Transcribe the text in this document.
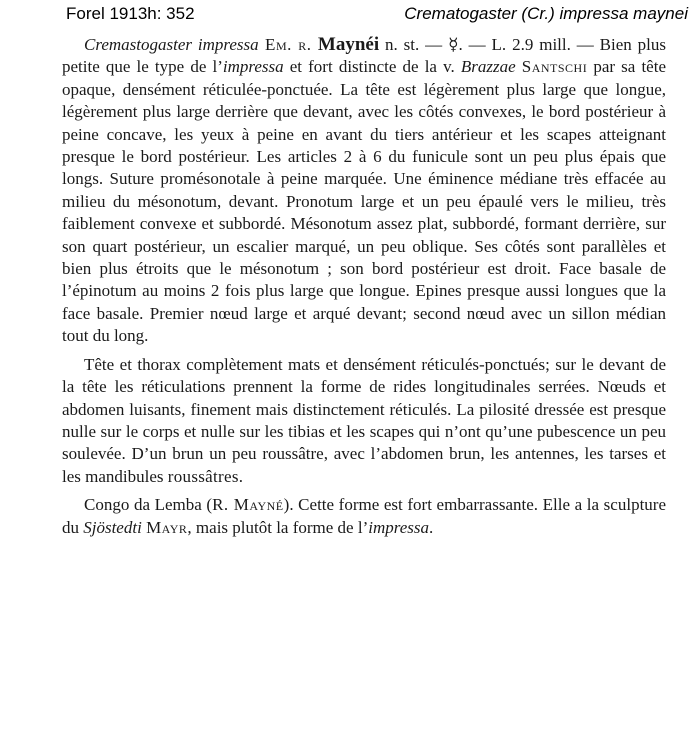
Forel 1913h: 352	Crematogaster (Cr.) impressa maynei

Cremastogaster impressa Em. r. Maynéi n. st. — ☿. — L. 2.9 mill. — Bien plus petite que le type de l’impressa et fort distincte de la v. Brazzae Santschi par sa tête opaque, densément réticulée-ponctuée. La tête est légèrement plus large que longue, légèrement plus large derrière que devant, avec les côtés convexes, le bord postérieur à peine concave, les yeux à peine en avant du tiers antérieur et les scapes atteignant presque le bord postérieur. Les articles 2 à 6 du funicule sont un peu plus épais que longs. Suture promésonotale à peine marquée. Une éminence médiane très effacée au milieu du mésonotum, devant. Pronotum large et un peu épaulé vers le milieu, très faiblement convexe et subbordé. Mésonotum assez plat, subbordé, formant derrière, sur son quart postérieur, un escalier marqué, un peu oblique. Ses côtés sont parallèles et bien plus étroits que le mésonotum ; son bord postérieur est droit. Face basale de l’épinotum au moins 2 fois plus large que longue. Epines presque aussi longues que la face basale. Premier nœud large et arqué devant; second nœud avec un sillon médian tout du long.

Tête et thorax complètement mats et densément réticulés-ponctués; sur le devant de la tête les réticulations prennent la forme de rides longitudinales serrées. Nœuds et abdomen luisants, finement mais distinctement réticulés. La pilosité dressée est presque nulle sur le corps et nulle sur les tibias et les scapes qui n’ont qu’une pubescence un peu soulevée. D’un brun un peu roussâtre, avec l’abdomen brun, les antennes, les tarses et les mandibules roussâtres.

Congo da Lemba (R. Mayné). Cette forme est fort embarrassante. Elle a la sculpture du Sjöstedti Mayr, mais plutôt la forme de l’impressa.
